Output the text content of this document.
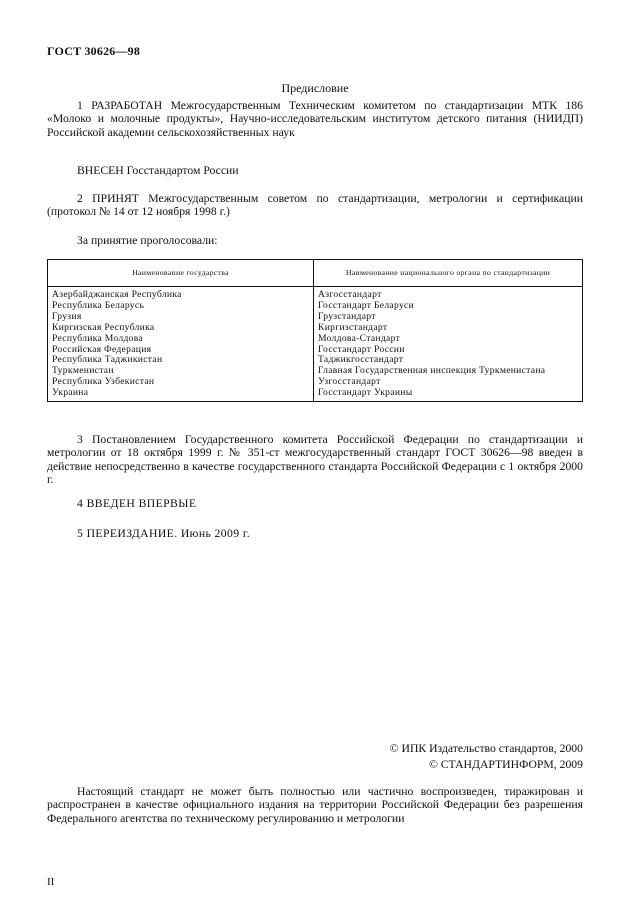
ГОСТ 30626—98
Предисловие
1 РАЗРАБОТАН Межгосударственным Техническим комитетом по стандартизации МТК 186 «Молоко и молочные продукты», Научно-исследовательским институтом детского питания (НИИДП) Российской академии сельскохозяйственных наук
ВНЕСЕН Госстандартом России
2 ПРИНЯТ Межгосударственным советом по стандартизации, метрологии и сертификации (протокол № 14 от 12 ноября 1998 г.)
За принятие проголосовали:
Наименование государства	Наименование национального органа по стандартизации
Азербайджанская Республика
Республика Беларусь
Грузия
Киргизская Республика
Республика Молдова
Российская Федерация
Республика Таджикистан
Туркменистан
Республика Узбекистан
Украина
Азгосстандарт
Госстандарт Беларуси
Грузстандарт
Киргизстандарт
Молдова-Стандарт
Госстандарт России
Таджикгосстандарт
Главная Государственная инспекция Туркменистана
Узгосстандарт
Госстандарт Украины
3 Постановлением Государственного комитета Российской Федерации по стандартизации и метрологии от 18 октября 1999 г. № 351-ст межгосударственный стандарт ГОСТ 30626—98 введен в действие непосредственно в качестве государственного стандарта Российской Федерации с 1 октября 2000 г.
4 ВВЕДЕН ВПЕРВЫЕ
5 ПЕРЕИЗДАНИЕ. Июнь 2009 г.
© ИПК Издательство стандартов, 2000
© СТАНДАРТИНФОРМ, 2009
Настоящий стандарт не может быть полностью или частично воспроизведен, тиражирован и распространен в качестве официального издания на территории Российской Федерации без разрешения Федерального агентства по техническому регулированию и метрологии
II
